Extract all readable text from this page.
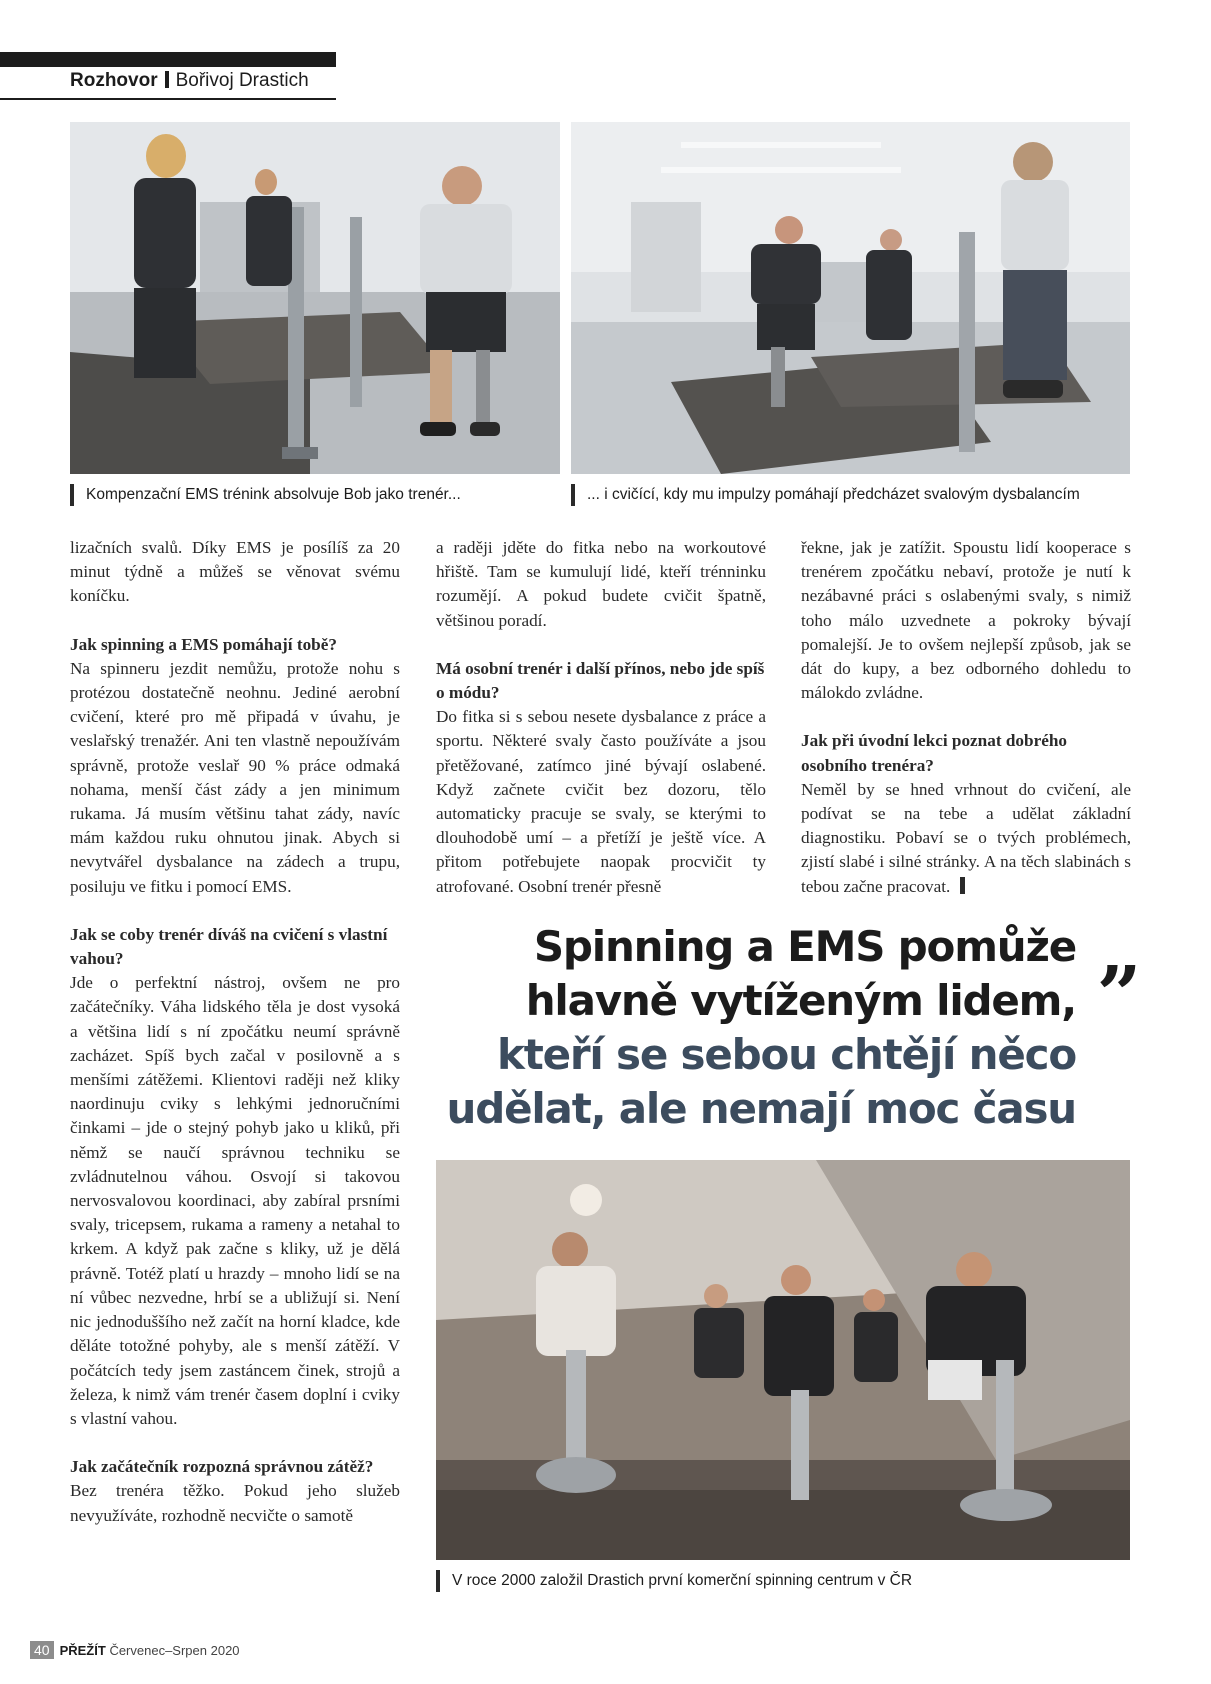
Rozhovor Bořivoj Drastich
Kompenzační EMS trénink absolvuje Bob jako trenér...	... i cvičící, kdy mu impulzy pomáhají předcházet svalovým dysbalancím

lizačních svalů. Díky EMS je posílíš za 20 minut týdně a můžeš se věnovat svému koníčku.

Jak spinning a EMS pomáhají tobě?

Na spinneru jezdit nemůžu, protože nohu s protézou dostatečně neohnu. Jediné aerobní cvičení, které pro mě připadá v úvahu, je veslařský trenažér. Ani ten vlastně nepoužívám správně, protože veslař 90 % práce odmaká nohama, menší část zády a jen minimum rukama. Já musím většinu tahat zády, navíc mám každou ruku ohnutou jinak. Abych si nevytvářel dysbalance na zádech a trupu, posiluju ve fitku i pomocí EMS.

Jak se coby trenér díváš na cvičení s vlastní vahou?

Jde o perfektní nástroj, ovšem ne pro začátečníky. Váha lidského těla je dost vysoká a většina lidí s ní zpočátku neumí správně zacházet. Spíš bych začal v posilovně a s menšími zátěžemi. Klientovi raději než kliky naordinuju cviky s lehkými jednoručními činkami – jde o stejný pohyb jako u kliků, při němž se naučí správnou techniku se zvládnutelnou váhou. Osvojí si takovou nervosvalovou koordinaci, aby zabíral prsními svaly, tricepsem, rukama a rameny a netahal to krkem. A když pak začne s kliky, už je dělá právně. Totéž platí u hrazdy – mnoho lidí se na ní vůbec nezvedne, hrbí se a ubližují si. Není nic jednoduššího než začít na horní kladce, kde děláte totožné pohyby, ale s menší zátěží. V počátcích tedy jsem zastáncem činek, strojů a železa, k nimž vám trenér časem doplní i cviky s vlastní vahou.

Jak začátečník rozpozná správnou zátěž?

Bez trenéra těžko. Pokud jeho služeb nevyužíváte, rozhodně necvičte o samotě

a raději jděte do fitka nebo na workoutové hřiště. Tam se kumulují lidé, kteří trénninku rozumějí. A pokud budete cvičit špatně, většinou poradí.

Má osobní trenér i další přínos, nebo jde spíš o módu?

Do fitka si s sebou nesete dysbalance z práce a sportu. Některé svaly často používáte a jsou přetěžované, zatímco jiné bývají oslabené. Když začnete cvičit bez dozoru, tělo automaticky pracuje se svaly, se kterými to dlouhodobě umí – a přetíží je ještě více. A přitom potřebujete naopak procvičit ty atrofované. Osobní trenér přesně

řekne, jak je zatížit. Spoustu lidí kooperace s trenérem zpočátku nebaví, protože je nutí k nezábavné práci s oslabenými svaly, s nimiž toho málo uzvednete a pokroky bývají pomalejší. Je to ovšem nejlepší způsob, jak se dát do kupy, a bez odborného dohledu to málokdo zvládne.

Jak při úvodní lekci poznat dobrého osobního trenéra?

Neměl by se hned vrhnout do cvičení, ale podívat se na tebe a udělat základní diagnostiku. Pobaví se o tvých problémech, zjistí slabé i silné stránky. A na těch slabinách s tebou začne pracovat.

Spinning a EMS pomůže
hlavně vytíženým lidem,
kteří se sebou chtějí něco
udělat, ale nemají moc času
„
V roce 2000 založil Drastich první komerční spinning centrum v ČR
40 PŘEŽÍT Červenec–Srpen 2020
